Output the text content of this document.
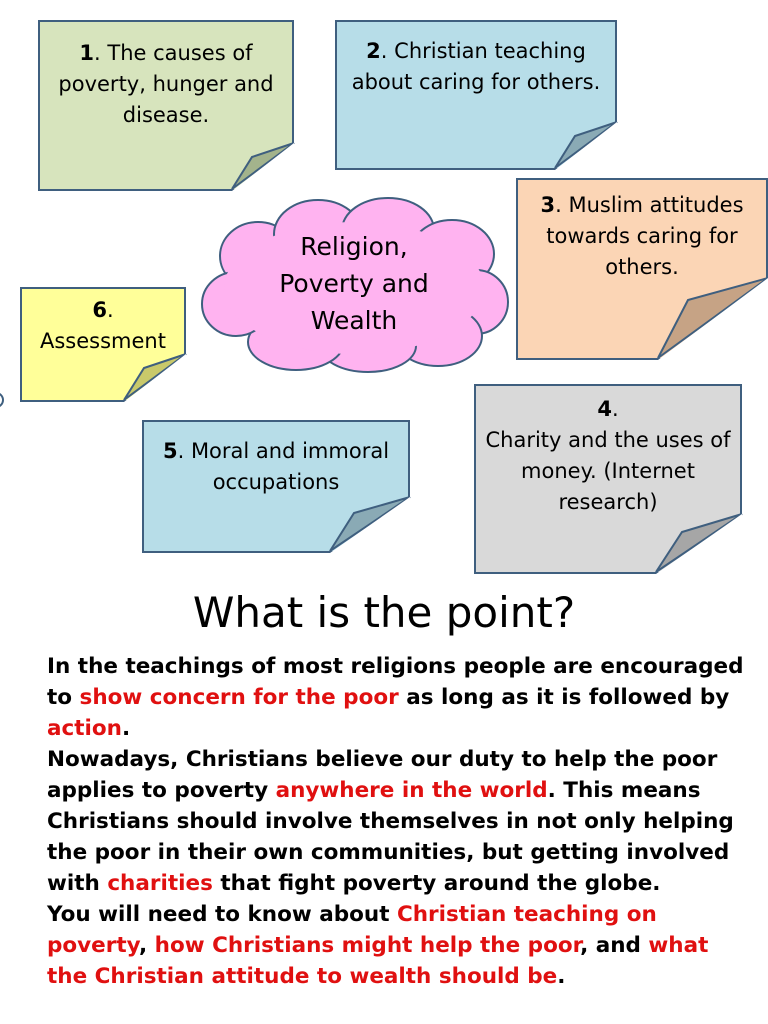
1. The causes of poverty, hunger and disease.
2. Christian teaching about caring for others.
3. Muslim attitudes towards caring for others.
6.
Assessment
5. Moral and immoral occupations
4.
Charity and the uses of money. (Internet research)
Religion,
Poverty and
Wealth
What is the point?

In the teachings of most religions people are encouraged to show concern for the poor as long as it is followed by action.
Nowadays, Christians believe our duty to help the poor applies to poverty anywhere in the world. This means Christians should involve themselves in not only helping the poor in their own communities, but getting involved with charities that fight poverty around the globe.
You will need to know about Christian teaching on poverty, how Christians might help the poor, and what the Christian attitude to wealth should be.
